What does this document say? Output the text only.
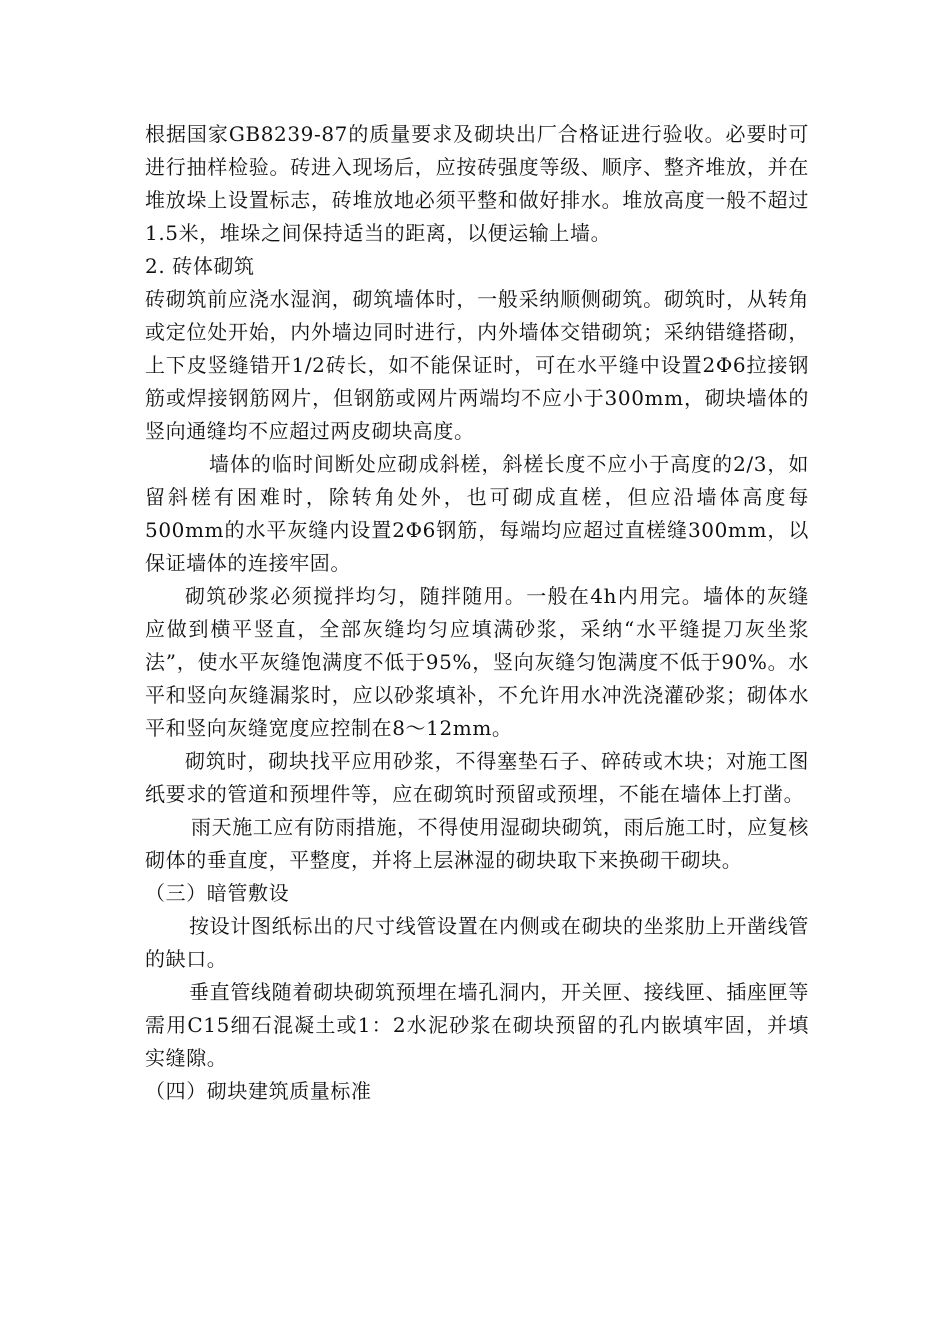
根据国家GB8239-87的质量要求及砌块出厂合格证进行验收。必要时可进行抽样检验。砖进入现场后，应按砖强度等级、顺序、整齐堆放，并在堆放垛上设置标志，砖堆放地必须平整和做好排水。堆放高度一般不超过1.5米，堆垛之间保持适当的距离，以便运输上墙。

2. 砖体砌筑

砖砌筑前应浇水湿润，砌筑墙体时，一般采纳顺侧砌筑。砌筑时，从转角或定位处开始，内外墙边同时进行，内外墙体交错砌筑；采纳错缝搭砌，上下皮竖缝错开1/2砖长，如不能保证时，可在水平缝中设置2Φ6拉接钢筋或焊接钢筋网片，但钢筋或网片两端均不应小于300mm，砌块墙体的竖向通缝均不应超过两皮砌块高度。

墙体的临时间断处应砌成斜槎，斜槎长度不应小于高度的2/3，如留斜槎有困难时，除转角处外，也可砌成直槎，但应沿墙体高度每500mm的水平灰缝内设置2Φ6钢筋，每端均应超过直槎缝300mm，以保证墙体的连接牢固。

砌筑砂浆必须搅拌均匀，随拌随用。一般在4h内用完。墙体的灰缝应做到横平竖直，全部灰缝均匀应填满砂浆，采纳“水平缝提刀灰坐浆法”，使水平灰缝饱满度不低于95%，竖向灰缝匀饱满度不低于90%。水平和竖向灰缝漏浆时，应以砂浆填补，不允许用水冲洗浇灌砂浆；砌体水平和竖向灰缝宽度应控制在8～12mm。

砌筑时，砌块找平应用砂浆，不得塞垫石子、碎砖或木块；对施工图纸要求的管道和预埋件等，应在砌筑时预留或预埋，不能在墙体上打凿。

雨天施工应有防雨措施，不得使用湿砌块砌筑，雨后施工时，应复核砌体的垂直度，平整度，并将上层淋湿的砌块取下来换砌干砌块。

（三）暗管敷设

按设计图纸标出的尺寸线管设置在内侧或在砌块的坐浆肋上开凿线管的缺口。

垂直管线随着砌块砌筑预埋在墙孔洞内，开关匣、接线匣、插座匣等需用C15细石混凝土或1：2水泥砂浆在砌块预留的孔内嵌填牢固，并填实缝隙。

（四）砌块建筑质量标准
